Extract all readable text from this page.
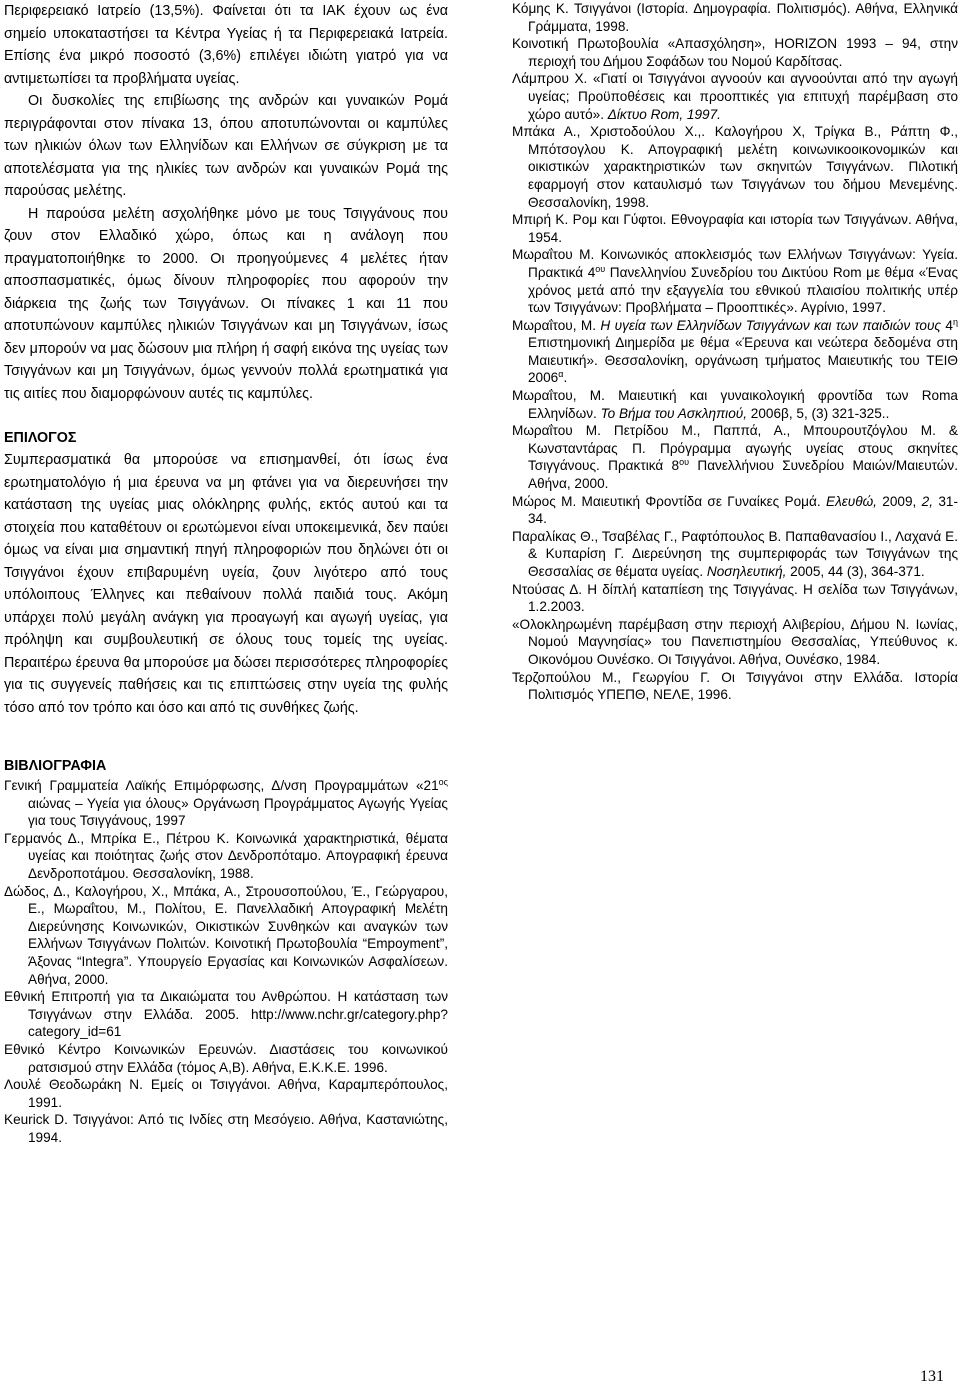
Περιφερειακό Ιατρείο (13,5%). Φαίνεται ότι τα ΙΑΚ έχουν ως ένα σημείο υποκαταστήσει τα Κέντρα Υγείας ή τα Περιφερειακά Ιατρεία. Επίσης ένα μικρό ποσοστό (3,6%) επιλέγει ιδιώτη γιατρό για να αντιμετωπίσει τα προβλήματα υγείας.

Οι δυσκολίες της επιβίωσης της ανδρών και γυναικών Ρομά περιγράφονται στον πίνακα 13, όπου αποτυπώνονται οι καμπύλες των ηλικιών όλων των Ελληνίδων και Ελλήνων σε σύγκριση με τα αποτελέσματα για της ηλικίες των ανδρών και γυναικών Ρομά της παρούσας μελέτης.

Η παρούσα μελέτη ασχολήθηκε μόνο με τους Τσιγγάνους που ζουν στον Ελλαδικό χώρο, όπως και η ανάλογη που πραγματοποιήθηκε το 2000. Οι προηγούμενες 4 μελέτες ήταν αποσπασματικές, όμως δίνουν πληροφορίες που αφορούν την διάρκεια της ζωής των Τσιγγάνων. Οι πίνακες 1 και 11 που αποτυπώνουν καμπύλες ηλικιών Τσιγγάνων και μη Τσιγγάνων, ίσως δεν μπορούν να μας δώσουν μια πλήρη ή σαφή εικόνα της υγείας των Τσιγγάνων και μη Τσιγγάνων, όμως γεννούν πολλά ερωτηματικά για τις αιτίες που διαμορφώνουν αυτές τις καμπύλες.

ΕΠΙΛΟΓΟΣ

Συμπερασματικά θα μπορούσε να επισημανθεί, ότι ίσως ένα ερωτηματολόγιο ή μια έρευνα να μη φτάνει για να διερευνήσει την κατάσταση της υγείας μιας ολόκληρης φυλής, εκτός αυτού και τα στοιχεία που καταθέτουν οι ερωτώμενοι είναι υποκειμενικά, δεν παύει όμως να είναι μια σημαντική πηγή πληροφοριών που δηλώνει ότι οι Τσιγγάνοι έχουν επιβαρυμένη υγεία, ζουν λιγότερο από τους υπόλοιπους Έλληνες και πεθαίνουν πολλά παιδιά τους. Ακόμη υπάρχει πολύ μεγάλη ανάγκη για προαγωγή και αγωγή υγείας, για πρόληψη και συμβουλευτική σε όλους τους τομείς της υγείας. Περαιτέρω έρευνα θα μπορούσε μα δώσει περισσότερες πληροφορίες για τις συγγενείς παθήσεις και τις επιπτώσεις στην υγεία της φυλής τόσο από τον τρόπο και όσο και από τις συνθήκες ζωής.

ΒΙΒΛΙΟΓΡΑΦΙΑ

Γενική Γραμματεία Λαϊκής Επιμόρφωσης, Δ/νση Προγραμμάτων «$21^{o\varsigma}$ αιώνας – Υγεία για όλους» Οργάνωση Προγράμματος Αγωγής Υγείας για τους Τσιγγάνους, 1997

Γερμανός Δ., Μπρίκα Ε., Πέτρου Κ. Κοινωνικά χαρακτηριστικά, θέματα υγείας και ποιότητας ζωής στον Δενδροπόταμο. Απογραφική έρευνα Δενδροποτάμου. Θεσσαλονίκη, 1988.

Δώδος, Δ., Καλογήρου, Χ., Μπάκα, Α., Στρουσοπούλου, Έ., Γεώργαρου, Ε., Μωραΐτου, Μ., Πολίτου, Ε. Πανελλαδική Απογραφική Μελέτη Διερεύνησης Κοινωνικών, Οικιστικών Συνθηκών και αναγκών των Ελλήνων Τσιγγάνων Πολιτών. Κοινοτική Πρωτοβουλία “Empoyment”, Άξονας “Integra”. Υπουργείο Εργασίας και Κοινωνικών Ασφαλίσεων. Αθήνα, 2000.

Εθνική Επιτροπή για τα Δικαιώματα του Ανθρώπου. Η κατάσταση των Τσιγγάνων στην Ελλάδα. 2005. http://www.nchr.gr/category.php?category_id=61

Εθνικό Κέντρο Κοινωνικών Ερευνών. Διαστάσεις του κοινωνικού ρατσισμού στην Ελλάδα (τόμος Α,Β). Αθήνα, Ε.Κ.Κ.Ε. 1996.

Λουλέ Θεοδωράκη Ν. Εμείς οι Τσιγγάνοι. Αθήνα, Καραμπερόπουλος, 1991.

Keurick D. Τσιγγάνοι: Από τις Ινδίες στη Μεσόγειο. Αθήνα, Καστανιώτης, 1994.

Κόμης Κ. Τσιγγάνοι (Ιστορία. Δημογραφία. Πολιτισμός). Αθήνα, Ελληνικά Γράμματα, 1998.

Κοινοτική Πρωτοβουλία «Απασχόληση», HORIZON 1993 – 94, στην περιοχή του Δήμου Σοφάδων του Νομού Καρδίτσας.

Λάμπρου Χ. «Γιατί οι Τσιγγάνοι αγνοούν και αγνοούνται από την αγωγή υγείας; Προϋποθέσεις και προοπτικές για επιτυχή παρέμβαση στο χώρο αυτό». Δίκτυο Rom, 1997.

Μπάκα Α., Χριστοδούλου Χ.,. Καλογήρου Χ, Τρίγκα Β., Ράπτη Φ., Μπότσογλου Κ. Απογραφική μελέτη κοινωνικοοικονομικών και οικιστικών χαρακτηριστικών των σκηνιτών Τσιγγάνων. Πιλοτική εφαρμογή στον καταυλισμό των Τσιγγάνων του δήμου Μενεμένης. Θεσσαλονίκη, 1998.

Μπιρή Κ. Ρομ και Γύφτοι. Εθνογραφία και ιστορία των Τσιγγάνων. Αθήνα, 1954.

Μωραΐτου Μ. Κοινωνικός αποκλεισμός των Ελλήνων Τσιγγάνων: Υγεία. Πρακτικά $4^{o\upsilon}$ Πανελληνίου Συνεδρίου του Δικτύου Rom με θέμα «Ένας χρόνος μετά από την εξαγγελία του εθνικού πλαισίου πολιτικής υπέρ των Τσιγγάνων: Προβλήματα – Προοπτικές». Αγρίνιο, 1997.

Μωραΐτου, Μ. Η υγεία των Ελληνίδων Τσιγγάνων και των παιδιών τους $4^\eta$ Επιστημονική Διημερίδα με θέμα «Έρευνα και νεώτερα δεδομένα στη Μαιευτική». Θεσσαλονίκη, οργάνωση τμήματος Μαιευτικής του ΤΕΙΘ $2006^\alpha$.

Μωραΐτου, Μ. Μαιευτική και γυναικολογική φροντίδα των Roma Ελληνίδων. Το Βήμα του Ασκληπιού, 2006β, 5, (3) 321-325..

Μωραΐτου Μ. Πετρίδου Μ., Παππά, Α., Μπουρουτζόγλου Μ. & Κωνσταντάρας Π. Πρόγραμμα αγωγής υγείας στους σκηνίτες Τσιγγάνους. Πρακτικά $8^{o\upsilon}$ Πανελλήνιου Συνεδρίου Μαιών/Μαιευτών. Αθήνα, 2000.

Μώρος Μ. Μαιευτική Φροντίδα σε Γυναίκες Ρομά. Ελευθώ, 2009, 2, 31-34.

Παραλίκας Θ., Τσαβέλας Γ., Ραφτόπουλος Β. Παπαθανασίου Ι., Λαχανά Ε. & Κυπαρίση Γ. Διερεύνηση της συμπεριφοράς των Τσιγγάνων της Θεσσαλίας σε θέματα υγείας. Νοσηλευτική, 2005, 44 (3), 364-371.

Ντούσας Δ. Η δίπλή καταπίεση της Τσιγγάνας. Η σελίδα των Τσιγγάνων, 1.2.2003.

«Ολοκληρωμένη παρέμβαση στην περιοχή Αλιβερίου, Δήμου Ν. Ιωνίας, Νομού Μαγνησίας» του Πανεπιστημίου Θεσσαλίας, Υπεύθυνος κ. Οικονόμου Ουνέσκο. Οι Τσιγγάνοι. Αθήνα, Ουνέσκο, 1984.

Τερζοπούλου Μ., Γεωργίου Γ. Οι Τσιγγάνοι στην Ελλάδα. Ιστορία Πολιτισμός ΥΠΕΠΘ, ΝΕΛΕ, 1996.

131
